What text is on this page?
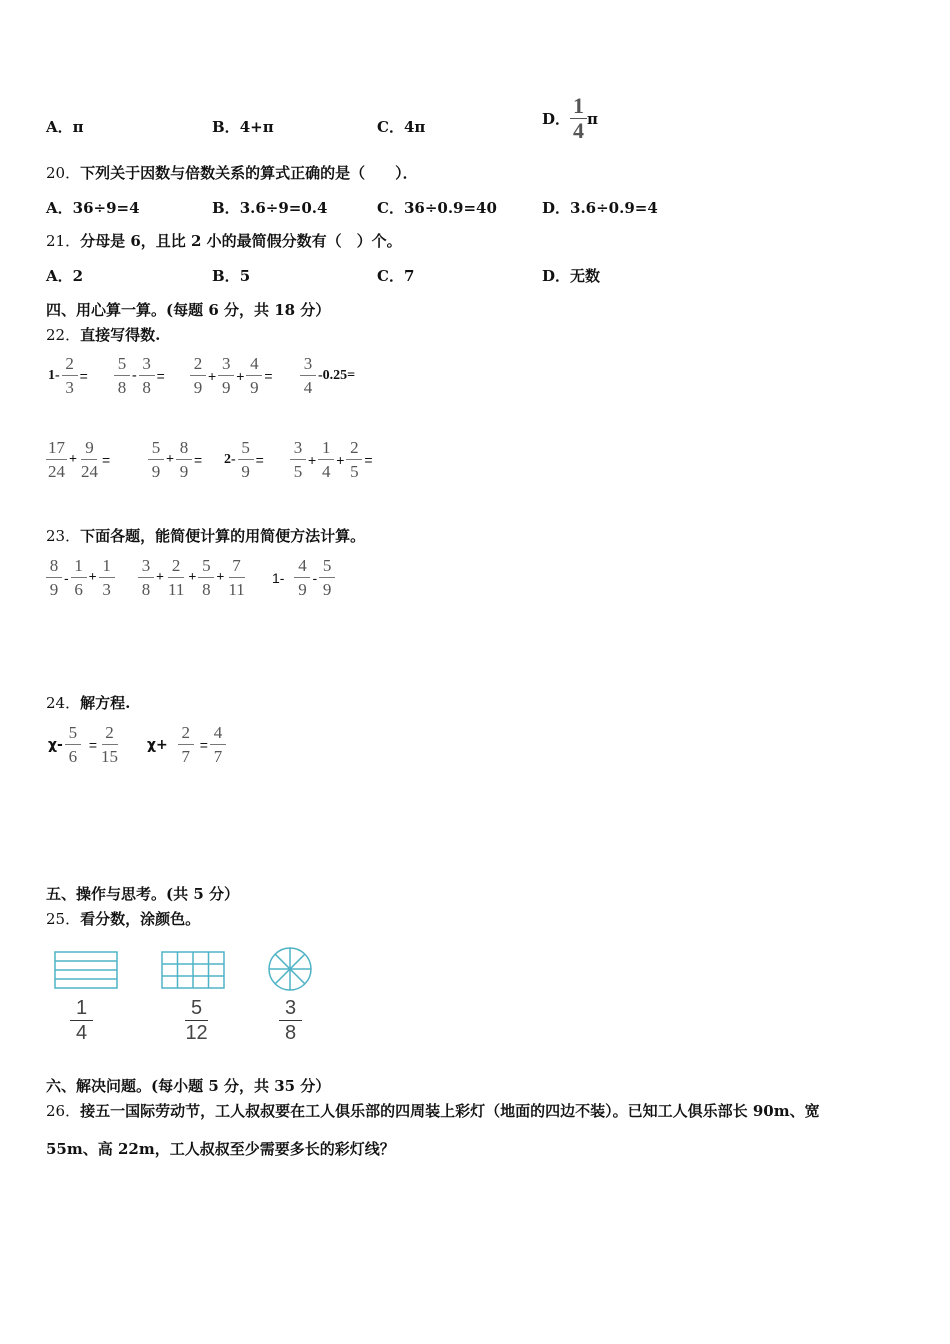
A．π	B．4+π	C．4π	D．
1
4 π
20．下列关于因数与倍数关系的算式正确的是（　　）．
A．36÷9=4	B．3.6÷9=0.4	C．36÷0.9=40	D．3.6÷0.9=4
21．分母是 6，且比 2 小的最简假分数有（　）个。
A．2	B．5	C．7	D．无数
四、用心算一算。(每题 6 分，共 18 分）
22．直接写得数.
$1- \frac{2}{3} = \frac{5}{8} - \frac{3}{8} = \frac{2}{9} + \frac{3}{9} + \frac{4}{9} = \frac{3}{4} -0.25=$
$\frac{17}{24} + \frac{9}{24} = \frac{5}{9} + \frac{8}{9} = 2- \frac{5}{9} = \frac{3}{5} + \frac{1}{4} + \frac{2}{5}$ =
23．下面各题，能简便计算的用简便方法计算。
$\frac{8}{9} - \frac{1}{6} + \frac{1}{3} \frac{3}{8} + \frac{2}{11} + \frac{5}{8} + \frac{7}{11} 1- \frac{4}{9} - \frac{5}{9}$
24．解方程.
$\chi- \frac{5}{6} = \frac{2}{15} \chi+ \frac{2}{7} = \frac{4}{7}$
五、操作与思考。(共 5 分）
25．看分数，涂颜色。
1
4
5
12
3
8
六、解决问题。(每小题 5 分，共 35 分）
26．接五一国际劳动节，工人叔叔要在工人俱乐部的四周装上彩灯（地面的四边不装）。已知工人俱乐部长 90m、宽
55m、高 22m，工人叔叔至少需要多长的彩灯线？
